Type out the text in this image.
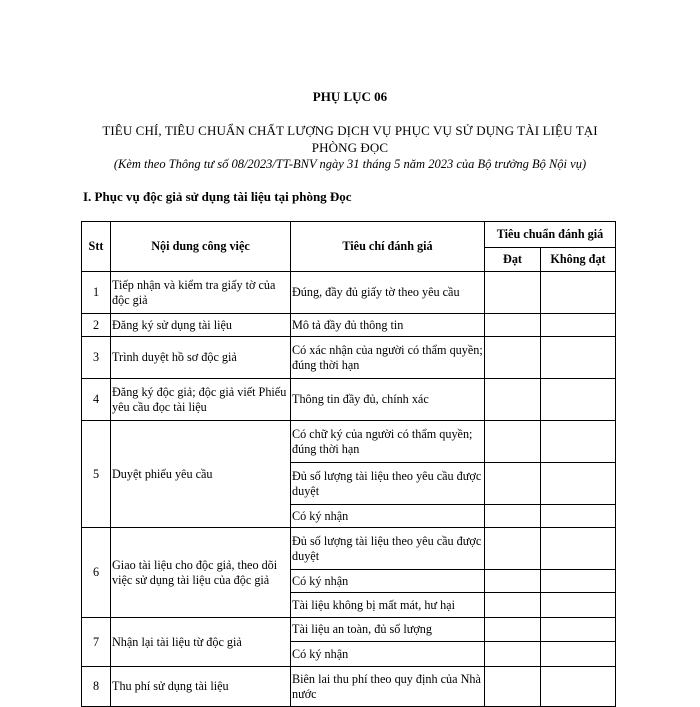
PHỤ LỤC 06
TIÊU CHÍ, TIÊU CHUẨN CHẤT LƯỢNG DỊCH VỤ PHỤC VỤ SỬ DỤNG TÀI LIỆU TẠI PHÒNG ĐỌC
(Kèm theo Thông tư số 08/2023/TT-BNV ngày 31 tháng 5 năm 2023 của Bộ trưởng Bộ Nội vụ)
I. Phục vụ độc giả sử dụng tài liệu tại phòng Đọc
Stt	Nội dung công việc	Tiêu chí đánh giá	Tiêu chuẩn đánh giá	
			Đạt	Không đạt
1	Tiếp nhận và kiểm tra giấy tờ của độc giả	Đúng, đầy đủ giấy tờ theo yêu cầu		
2	Đăng ký sử dụng tài liệu	Mô tả đầy đủ thông tin		
3	Trình duyệt hồ sơ độc giả	Có xác nhận của người có thẩm quyền; đúng thời hạn		
4	Đăng ký độc giả; độc giả viết Phiếu yêu cầu đọc tài liệu	Thông tin đầy đủ, chính xác		
5	Duyệt phiếu yêu cầu	Có chữ ký của người có thẩm quyền; đúng thời hạn		
		Đủ số lượng tài liệu theo yêu cầu được duyệt		
		Có ký nhận		
6	Giao tài liệu cho độc giả, theo dõi việc sử dụng tài liệu của độc giả	Đủ số lượng tài liệu theo yêu cầu được duyệt		
		Có ký nhận		
		Tài liệu không bị mất mát, hư hại		
7	Nhận lại tài liệu từ độc giả	Tài liệu an toàn, đủ số lượng		
		Có ký nhận		
8	Thu phí sử dụng tài liệu	Biên lai thu phí theo quy định của Nhà nước		
